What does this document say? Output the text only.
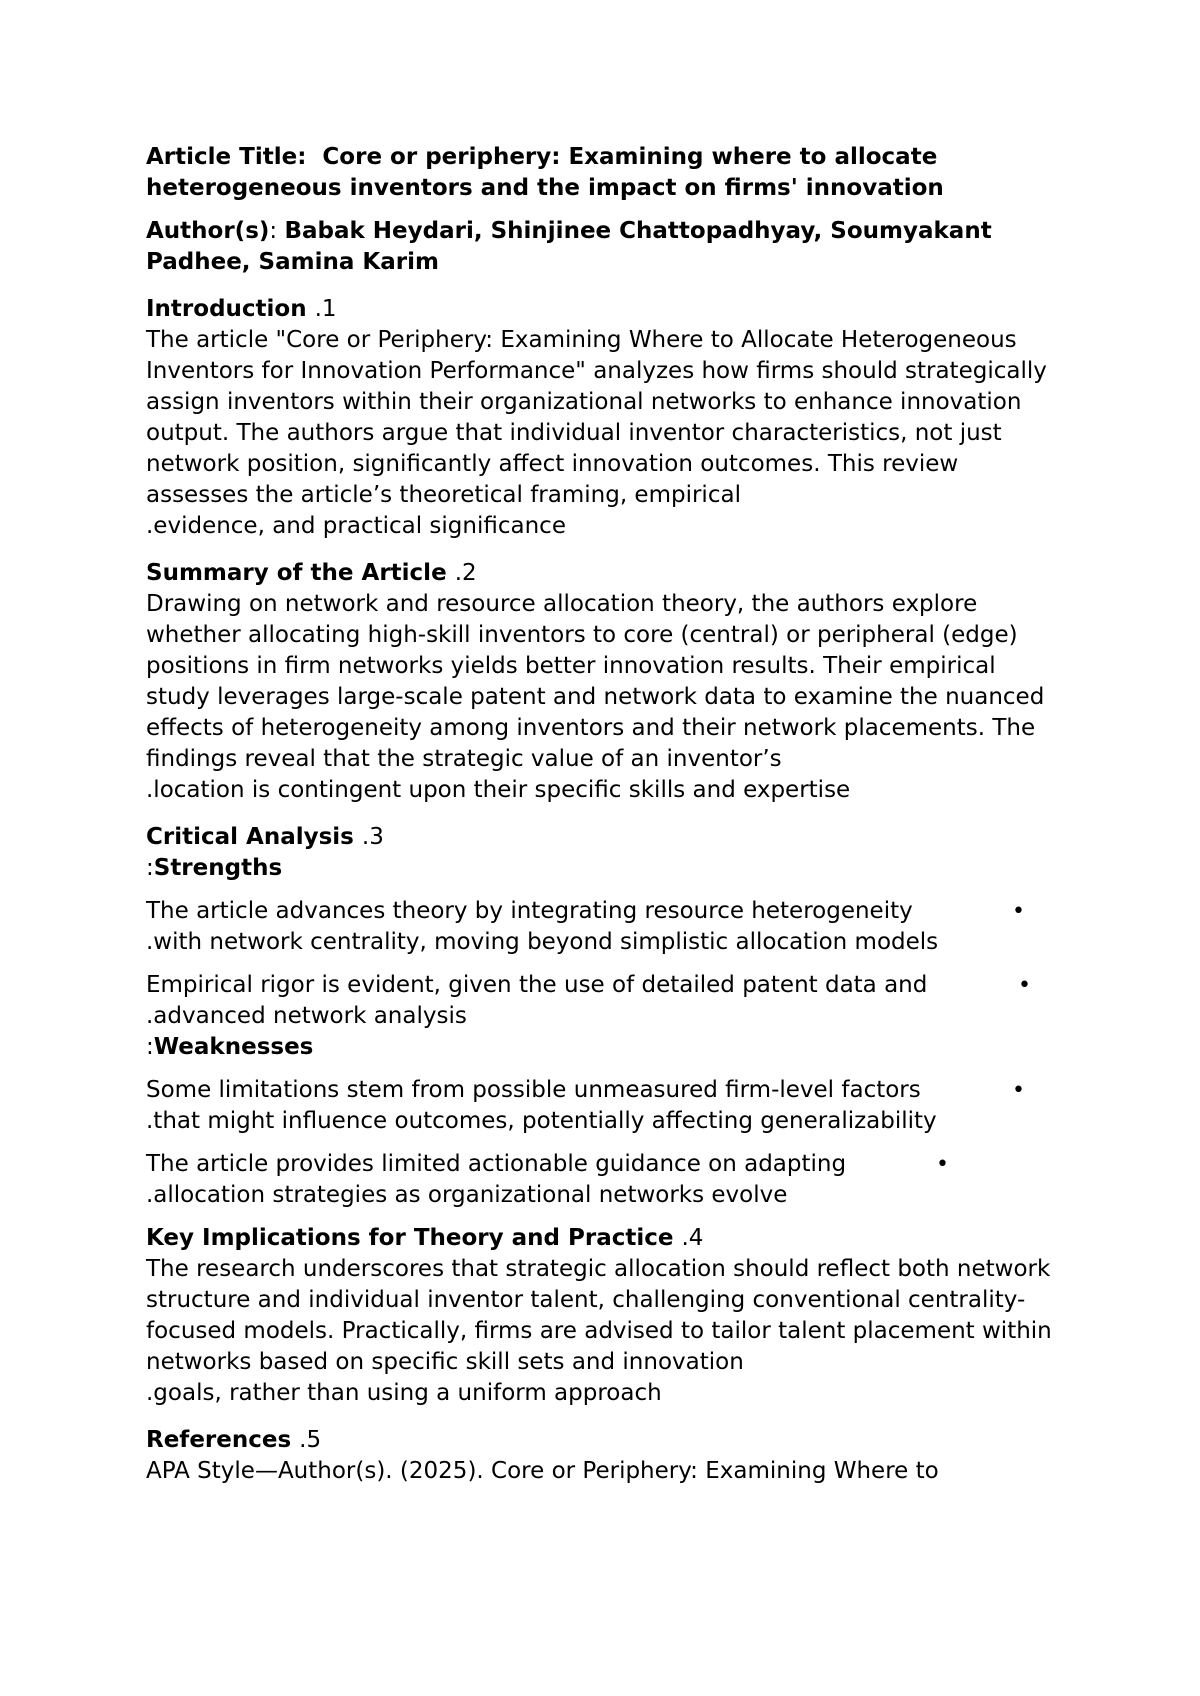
Article Title: Core or periphery: Examining where to allocate heterogeneous inventors and the impact on firms' innovation

Author(s): Babak Heydari, Shinjinee Chattopadhyay, Soumyakant Padhee, Samina Karim

Introduction .1

The article "Core or Periphery: Examining Where to Allocate Heterogeneous Inventors for Innovation Performance" analyzes how firms should strategically assign inventors within their organizational networks to enhance innovation output. The authors argue that individual inventor characteristics, not just network position, significantly affect innovation outcomes. This review assesses the article’s theoretical framing, empirical
.evidence, and practical significance

Summary of the Article .2

Drawing on network and resource allocation theory, the authors explore whether allocating high-skill inventors to core (central) or peripheral (edge) positions in firm networks yields better innovation results. Their empirical study leverages large-scale patent and network data to examine the nuanced effects of heterogeneity among inventors and their network placements. The findings reveal that the strategic value of an inventor’s
.location is contingent upon their specific skills and expertise

Critical Analysis .3

:Strengths

The article advances theory by integrating resource heterogeneity
.with network centrality, moving beyond simplistic allocation models
•
Empirical rigor is evident, given the use of detailed patent data and
.advanced network analysis
•

:Weaknesses

Some limitations stem from possible unmeasured firm-level factors
.that might influence outcomes, potentially affecting generalizability
•
The article provides limited actionable guidance on adapting
.allocation strategies as organizational networks evolve
•

Key Implications for Theory and Practice .4

The research underscores that strategic allocation should reflect both network structure and individual inventor talent, challenging conventional centrality-focused models. Practically, firms are advised to tailor talent placement within networks based on specific skill sets and innovation
.goals, rather than using a uniform approach

References .5

APA Style—Author(s). (2025). Core or Periphery: Examining Where to
